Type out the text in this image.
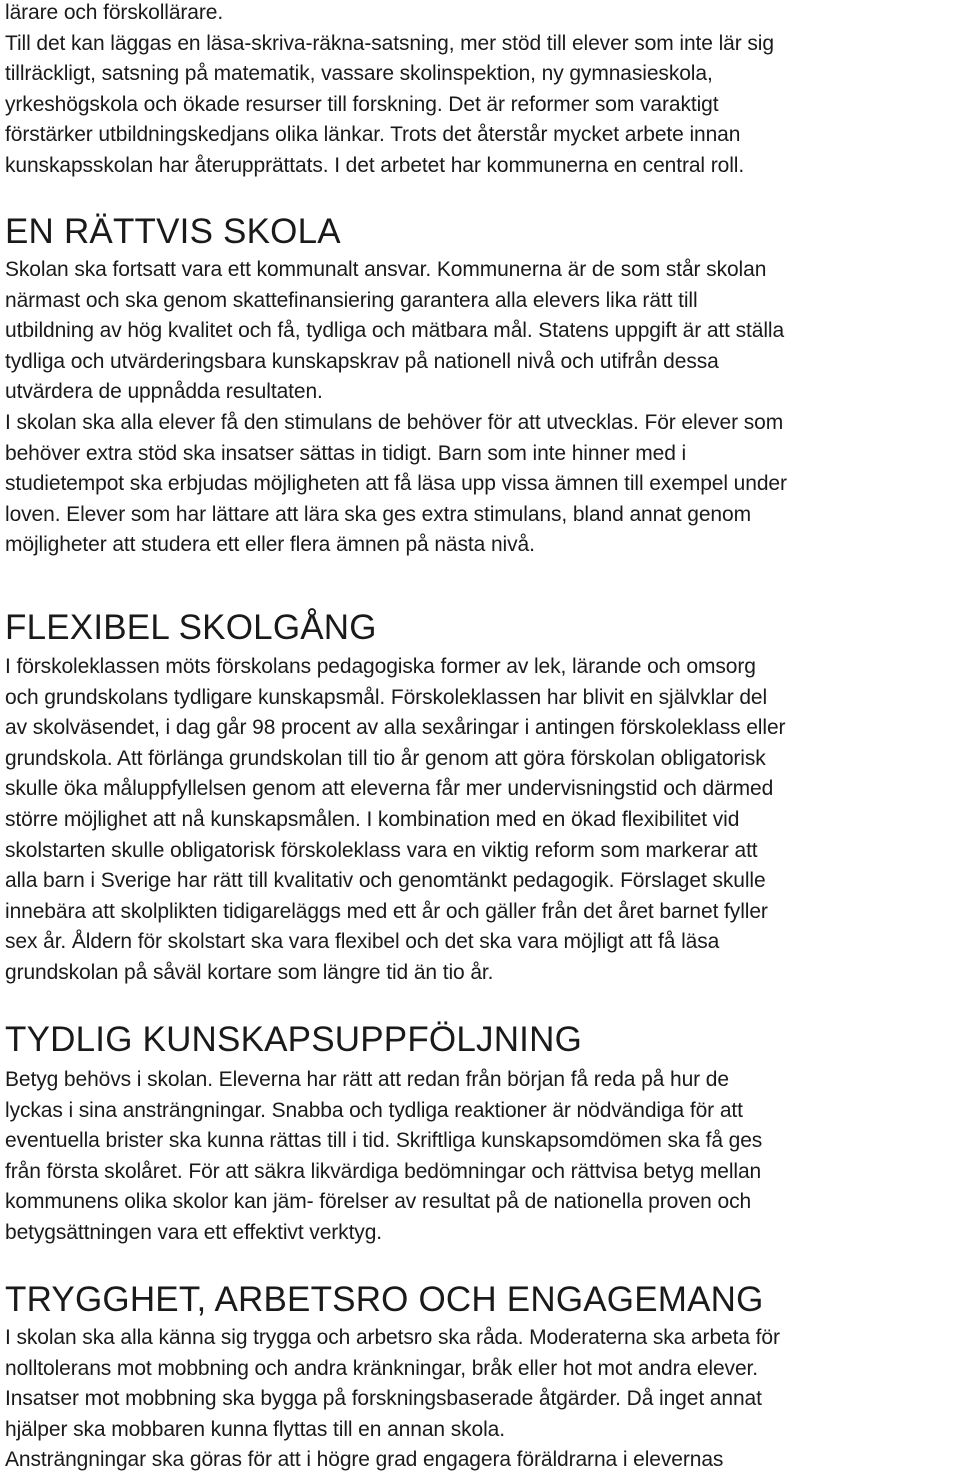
lärare och förskollärare.
Till det kan läggas en läsa-skriva-räkna-satsning, mer stöd till elever som inte lär sig
tillräckligt, satsning på matematik, vassare skolinspektion, ny gymnasieskola,
yrkeshögskola och ökade resurser till forskning. Det är reformer som varaktigt
förstärker utbildningskedjans olika länkar. Trots det återstår mycket arbete innan
kunskapsskolan har återupprättats. I det arbetet har kommunerna en central roll.
EN RÄTTVIS SKOLA
Skolan ska fortsatt vara ett kommunalt ansvar. Kommunerna är de som står skolan
närmast och ska genom skattefinansiering garantera alla elevers lika rätt till
utbildning av hög kvalitet och få, tydliga och mätbara mål. Statens uppgift är att ställa
tydliga och utvärderingsbara kunskapskrav på nationell nivå och utifrån dessa
utvärdera de uppnådda resultaten.
I skolan ska alla elever få den stimulans de behöver för att utvecklas. För elever som
behöver extra stöd ska insatser sättas in tidigt. Barn som inte hinner med i
studietempot ska erbjudas möjligheten att få läsa upp vissa ämnen till exempel under
loven. Elever som har lättare att lära ska ges extra stimulans, bland annat genom
möjligheter att studera ett eller flera ämnen på nästa nivå.
FLEXIBEL SKOLGÅNG
I förskoleklassen möts förskolans pedagogiska former av lek, lärande och omsorg
och grundskolans tydligare kunskapsmål. Förskoleklassen har blivit en självklar del
av skolväsendet, i dag går 98 procent av alla sexåringar i antingen förskoleklass eller
grundskola. Att förlänga grundskolan till tio år genom att göra förskolan obligatorisk
skulle öka måluppfyllelsen genom att eleverna får mer undervisningstid och därmed
större möjlighet att nå kunskapsmålen. I kombination med en ökad flexibilitet vid
skolstarten skulle obligatorisk förskoleklass vara en viktig reform som markerar att
alla barn i Sverige har rätt till kvalitativ och genomtänkt pedagogik. Förslaget skulle
innebära att skolplikten tidigareläggs med ett år och gäller från det året barnet fyller
sex år. Åldern för skolstart ska vara flexibel och det ska vara möjligt att få läsa
grundskolan på såväl kortare som längre tid än tio år.
TYDLIG KUNSKAPSUPPFÖLJNING
Betyg behövs i skolan. Eleverna har rätt att redan från början få reda på hur de
lyckas i sina ansträngningar. Snabba och tydliga reaktioner är nödvändiga för att
eventuella brister ska kunna rättas till i tid. Skriftliga kunskapsomdömen ska få ges
från första skolåret. För att säkra likvärdiga bedömningar och rättvisa betyg mellan
kommunens olika skolor kan jäm- förelser av resultat på de nationella proven och
betygsättningen vara ett effektivt verktyg.
TRYGGHET, ARBETSRO OCH ENGAGEMANG
I skolan ska alla känna sig trygga och arbetsro ska råda. Moderaterna ska arbeta för
nolltolerans mot mobbning och andra kränkningar, bråk eller hot mot andra elever.
Insatser mot mobbning ska bygga på forskningsbaserade åtgärder. Då inget annat
hjälper ska mobbaren kunna flyttas till en annan skola.
Ansträngningar ska göras för att i högre grad engagera föräldrarna i elevernas
